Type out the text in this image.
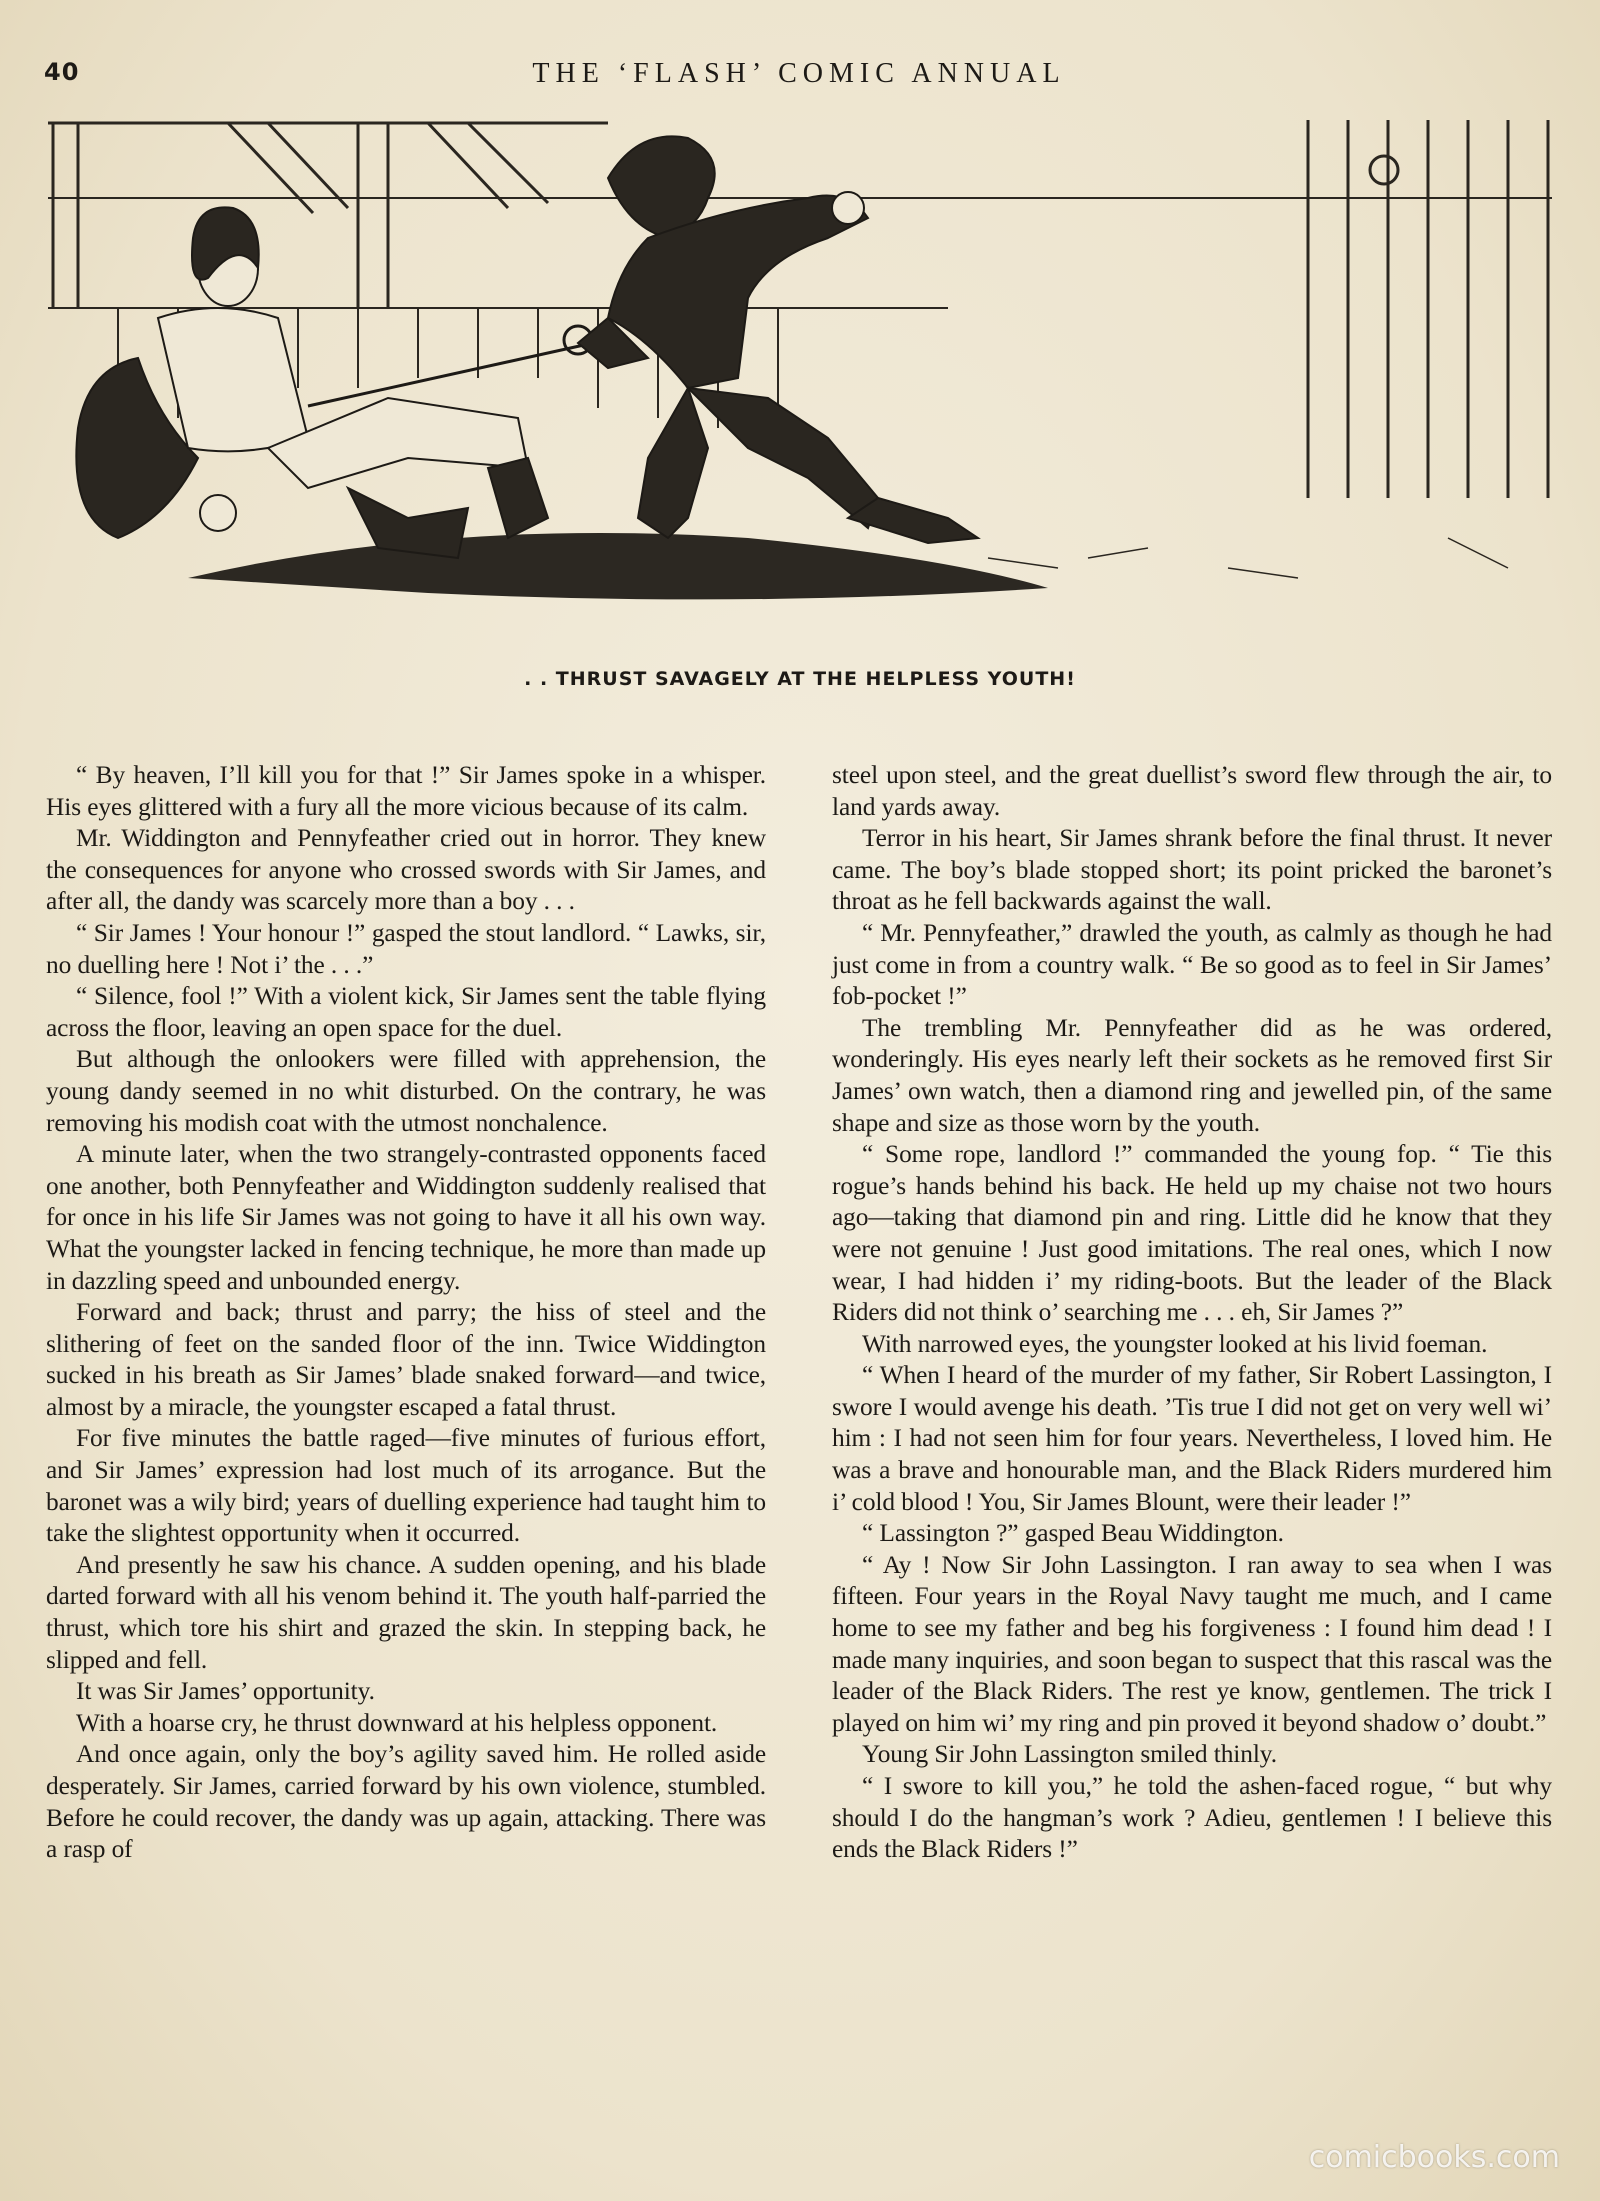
40	THE ‘FLASH’ COMIC ANNUAL
. . THRUST SAVAGELY AT THE HELPLESS YOUTH!

“ By heaven, I’ll kill you for that !” Sir James spoke in a whisper. His eyes glittered with a fury all the more vicious because of its calm.

Mr. Widdington and Pennyfeather cried out in horror. They knew the consequences for anyone who crossed swords with Sir James, and after all, the dandy was scarcely more than a boy . . .

“ Sir James ! Your honour !” gasped the stout landlord. “ Lawks, sir, no duelling here ! Not i’ the . . .”

“ Silence, fool !” With a violent kick, Sir James sent the table flying across the floor, leaving an open space for the duel.

But although the onlookers were filled with apprehension, the young dandy seemed in no whit disturbed. On the contrary, he was removing his modish coat with the utmost nonchalence.

A minute later, when the two strangely-contrasted opponents faced one another, both Pennyfeather and Widdington suddenly realised that for once in his life Sir James was not going to have it all his own way. What the youngster lacked in fencing technique, he more than made up in dazzling speed and unbounded energy.

Forward and back; thrust and parry; the hiss of steel and the slithering of feet on the sanded floor of the inn. Twice Widdington sucked in his breath as Sir James’ blade snaked forward—and twice, almost by a miracle, the youngster escaped a fatal thrust.

For five minutes the battle raged—five minutes of furious effort, and Sir James’ expression had lost much of its arrogance. But the baronet was a wily bird; years of duelling experience had taught him to take the slightest opportunity when it occurred.

And presently he saw his chance. A sudden opening, and his blade darted forward with all his venom behind it. The youth half-parried the thrust, which tore his shirt and grazed the skin. In stepping back, he slipped and fell.

It was Sir James’ opportunity.

With a hoarse cry, he thrust downward at his helpless opponent.

And once again, only the boy’s agility saved him. He rolled aside desperately. Sir James, carried forward by his own violence, stumbled. Before he could recover, the dandy was up again, attacking. There was a rasp of

steel upon steel, and the great duellist’s sword flew through the air, to land yards away.

Terror in his heart, Sir James shrank before the final thrust. It never came. The boy’s blade stopped short; its point pricked the baronet’s throat as he fell backwards against the wall.

“ Mr. Pennyfeather,” drawled the youth, as calmly as though he had just come in from a country walk. “ Be so good as to feel in Sir James’ fob-pocket !”

The trembling Mr. Pennyfeather did as he was ordered, wonderingly. His eyes nearly left their sockets as he removed first Sir James’ own watch, then a diamond ring and jewelled pin, of the same shape and size as those worn by the youth.

“ Some rope, landlord !” commanded the young fop. “ Tie this rogue’s hands behind his back. He held up my chaise not two hours ago—taking that diamond pin and ring. Little did he know that they were not genuine ! Just good imitations. The real ones, which I now wear, I had hidden i’ my riding-boots. But the leader of the Black Riders did not think o’ searching me . . . eh, Sir James ?”

With narrowed eyes, the youngster looked at his livid foeman.

“ When I heard of the murder of my father, Sir Robert Lassington, I swore I would avenge his death. ’Tis true I did not get on very well wi’ him : I had not seen him for four years. Nevertheless, I loved him. He was a brave and honourable man, and the Black Riders murdered him i’ cold blood ! You, Sir James Blount, were their leader !”

“ Lassington ?” gasped Beau Widdington.

“ Ay ! Now Sir John Lassington. I ran away to sea when I was fifteen. Four years in the Royal Navy taught me much, and I came home to see my father and beg his forgiveness : I found him dead ! I made many inquiries, and soon began to suspect that this rascal was the leader of the Black Riders. The rest ye know, gentlemen. The trick I played on him wi’ my ring and pin proved it beyond shadow o’ doubt.”

Young Sir John Lassington smiled thinly.

“ I swore to kill you,” he told the ashen-faced rogue, “ but why should I do the hangman’s work ? Adieu, gentlemen ! I believe this ends the Black Riders !”

comicbooks.com
